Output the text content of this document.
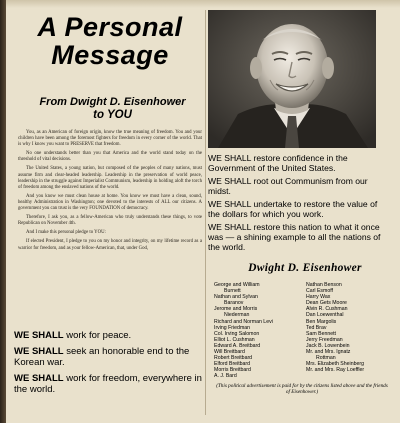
A Personal
Message
From Dwight D. Eisenhower
to YOU

You, as an American of foreign origin, know the true meaning of freedom. You and your children have been among the foremost fighters for freedom in every corner of the world. That is why I know you want to PRESERVE that freedom.

No one understands better than you that America and the world stand today on the threshold of vital decisions.

The United States, a young nation, but composed of the peoples of many nations, must assume firm and clear-headed leadership. Leadership in the preservation of world peace, leadership in the struggle against Imperialist Communism, leadership in holding aloft the torch of freedom among the enslaved nations of the world.

And you know we must clean house at home. You know we must have a clean, sound, healthy Administration in Washington; one devoted to the interests of ALL our citizens. A government you can trust is the very FOUNDATION of democracy.

Therefore, I ask you, as a fellow-American who truly understands these things, to vote Republican on November 4th.

And I make this personal pledge to YOU:

If elected President, I pledge to you on my honor and integrity, on my lifetime record as a warrior for freedom, and as your fellow-American, that, under God,

WE SHALL work for peace.
WE SHALL seek an honorable end to the Korean war.
WE SHALL work for freedom, everywhere in the world.
WE SHALL restore confidence in the Government of the United States.
WE SHALL root out Communism from our midst.
WE SHALL undertake to restore the value of the dollars for which you work.
WE SHALL restore this nation to what it once was — a shining example to all the nations of the world.
Dwight D. Eisenhower
George and William
Burnett
Nathan and Sylvan
Baranov
Jerome and Morris
Niederman
Richard and Norman Levi
Irving Friedman
Col. Irving Salomon
Elliot L. Cushman
Edward A. Breitbard
Will Breitbard
Robert Breitbard
Elford Breitbard
Morris Breitbard
A. J. Bard
Nathan Benson
Carl Esmoff
Harry Wax
Dean Gets Moore
Alvin R. Cushman
Dan Loewenthal
Ben Margolis
Ted Brav
Sam Bennett
Jerry Freedman
Jack B. Lowenbein
Mr. and Mrs. Ignatz
Rottman
Mrs. Elizabeth Sheinberg
Mr. and Mrs. Ray Loeffler
(This political advertisement is paid for by the citizens listed above and the friends of Eisenhower.)
